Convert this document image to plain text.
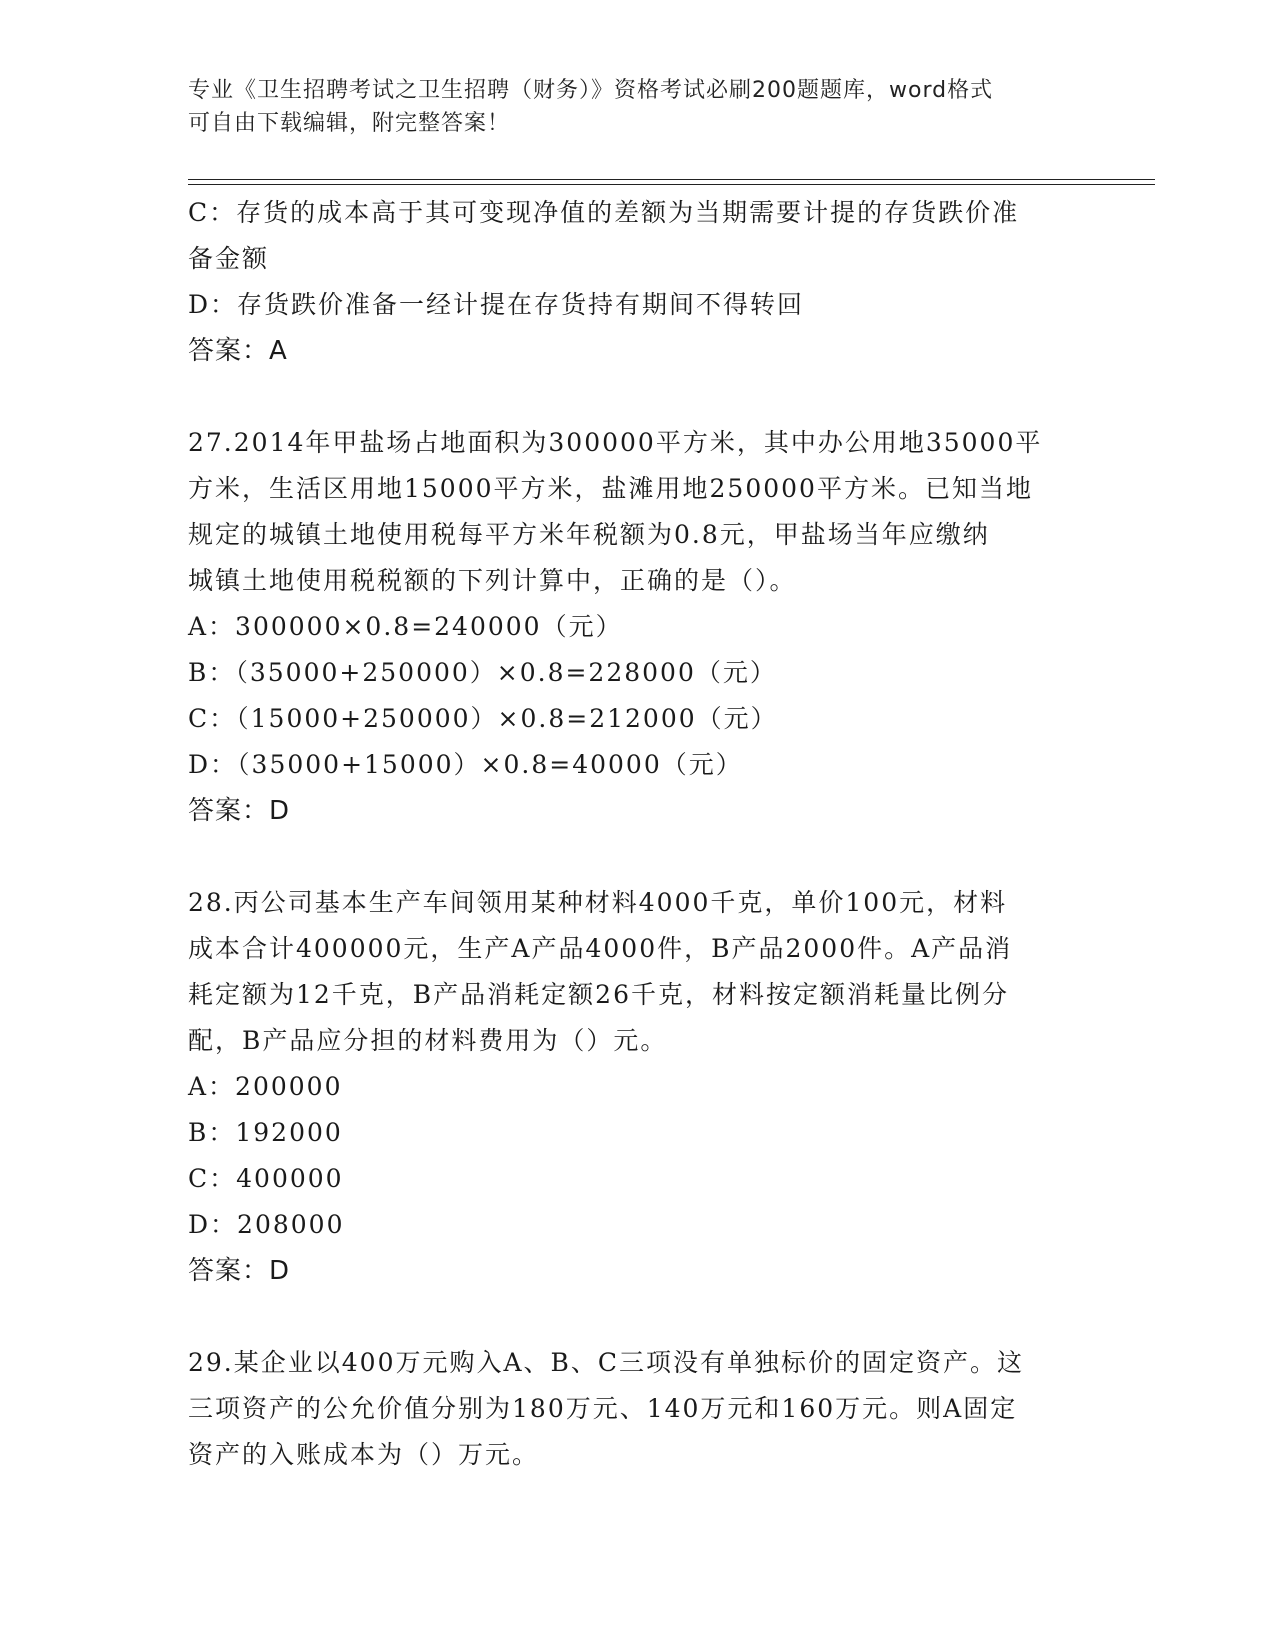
专业《卫生招聘考试之卫生招聘（财务）》资格考试必刷200题题库，word格式
可自由下载编辑，附完整答案！

C：存货的成本高于其可变现净值的差额为当期需要计提的存货跌价准

备金额

D：存货跌价准备一经计提在存货持有期间不得转回

答案：A

27.2014年甲盐场占地面积为300000平方米，其中办公用地35000平

方米，生活区用地15000平方米，盐滩用地250000平方米。已知当地

规定的城镇土地使用税每平方米年税额为0.8元，甲盐场当年应缴纳

城镇土地使用税税额的下列计算中，正确的是（）。

A：300000×0.8=240000（元）

B：（35000+250000）×0.8=228000（元）

C：（15000+250000）×0.8=212000（元）

D：（35000+15000）×0.8=40000（元）

答案：D

28.丙公司基本生产车间领用某种材料4000千克，单价100元，材料

成本合计400000元，生产A产品4000件，B产品2000件。A产品消

耗定额为12千克，B产品消耗定额26千克，材料按定额消耗量比例分

配，B产品应分担的材料费用为（）元。

A：200000

B：192000

C：400000

D：208000

答案：D

29.某企业以400万元购入A、B、C三项没有单独标价的固定资产。这

三项资产的公允价值分别为180万元、140万元和160万元。则A固定

资产的入账成本为（）万元。
